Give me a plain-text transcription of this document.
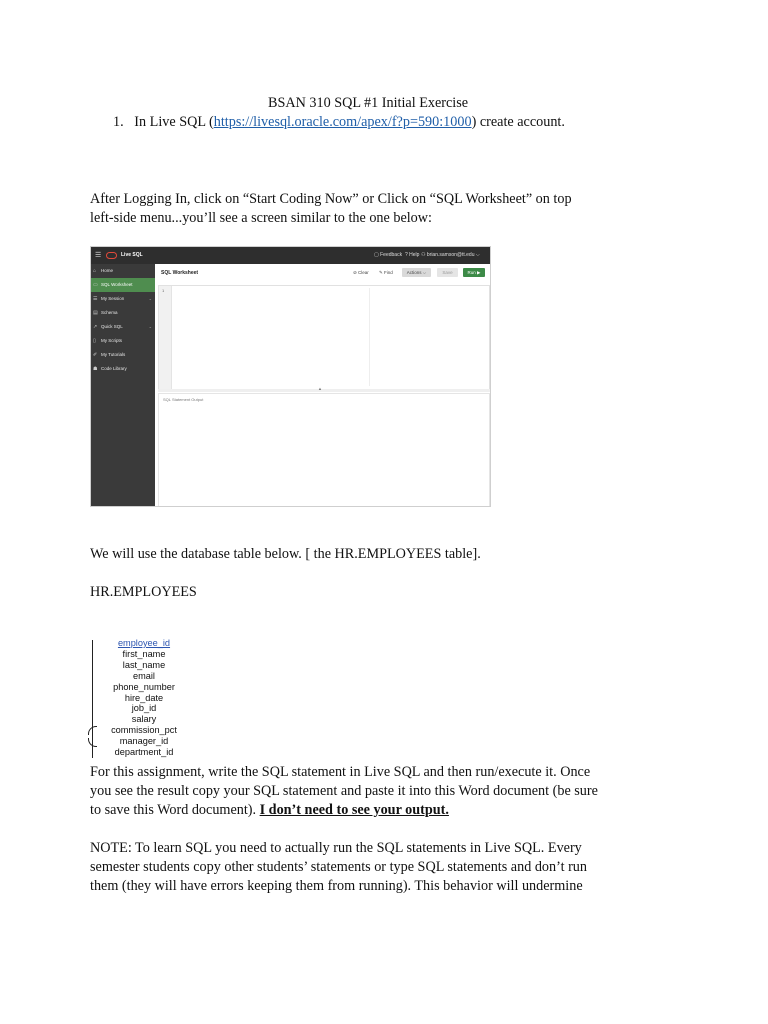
BSAN 310 SQL #1 Initial Exercise
1. In Live SQL (https://livesql.oracle.com/apex/f?p=590:1000) create account.
After Logging In, click on “Start Coding Now” or Click on “SQL Worksheet” on top
left-side menu...you’ll see a screen similar to the one below:
☰	Live SQL	▢ Feedback ? Help ⚇ brian.samson@tt.edu ⌵
⌂ Home
▭ SQL Worksheet
☰ My Session	⌄
▤ Schema
↗ Quick SQL	⌄
▯ My Scripts
✐ My Tutorials
☗ Code Library
SQL Worksheet	⊘ Clear ✎ Find	Actions ⌵	Save	Run ▶
1
▲
SQL Statement Output
We will use the database table below. [ the HR.EMPLOYEES table].
HR.EMPLOYEES
employee_id
first_name
last_name
email
phone_number
hire_date
job_id
salary
commission_pct
manager_id
department_id
For this assignment, write the SQL statement in Live SQL and then run/execute it. Once
you see the result copy your SQL statement and paste it into this Word document (be sure
to save this Word document). I don’t need to see your output.
NOTE: To learn SQL you need to actually run the SQL statements in Live SQL. Every
semester students copy other students’ statements or type SQL statements and don’t run
them (they will have errors keeping them from running). This behavior will undermine
